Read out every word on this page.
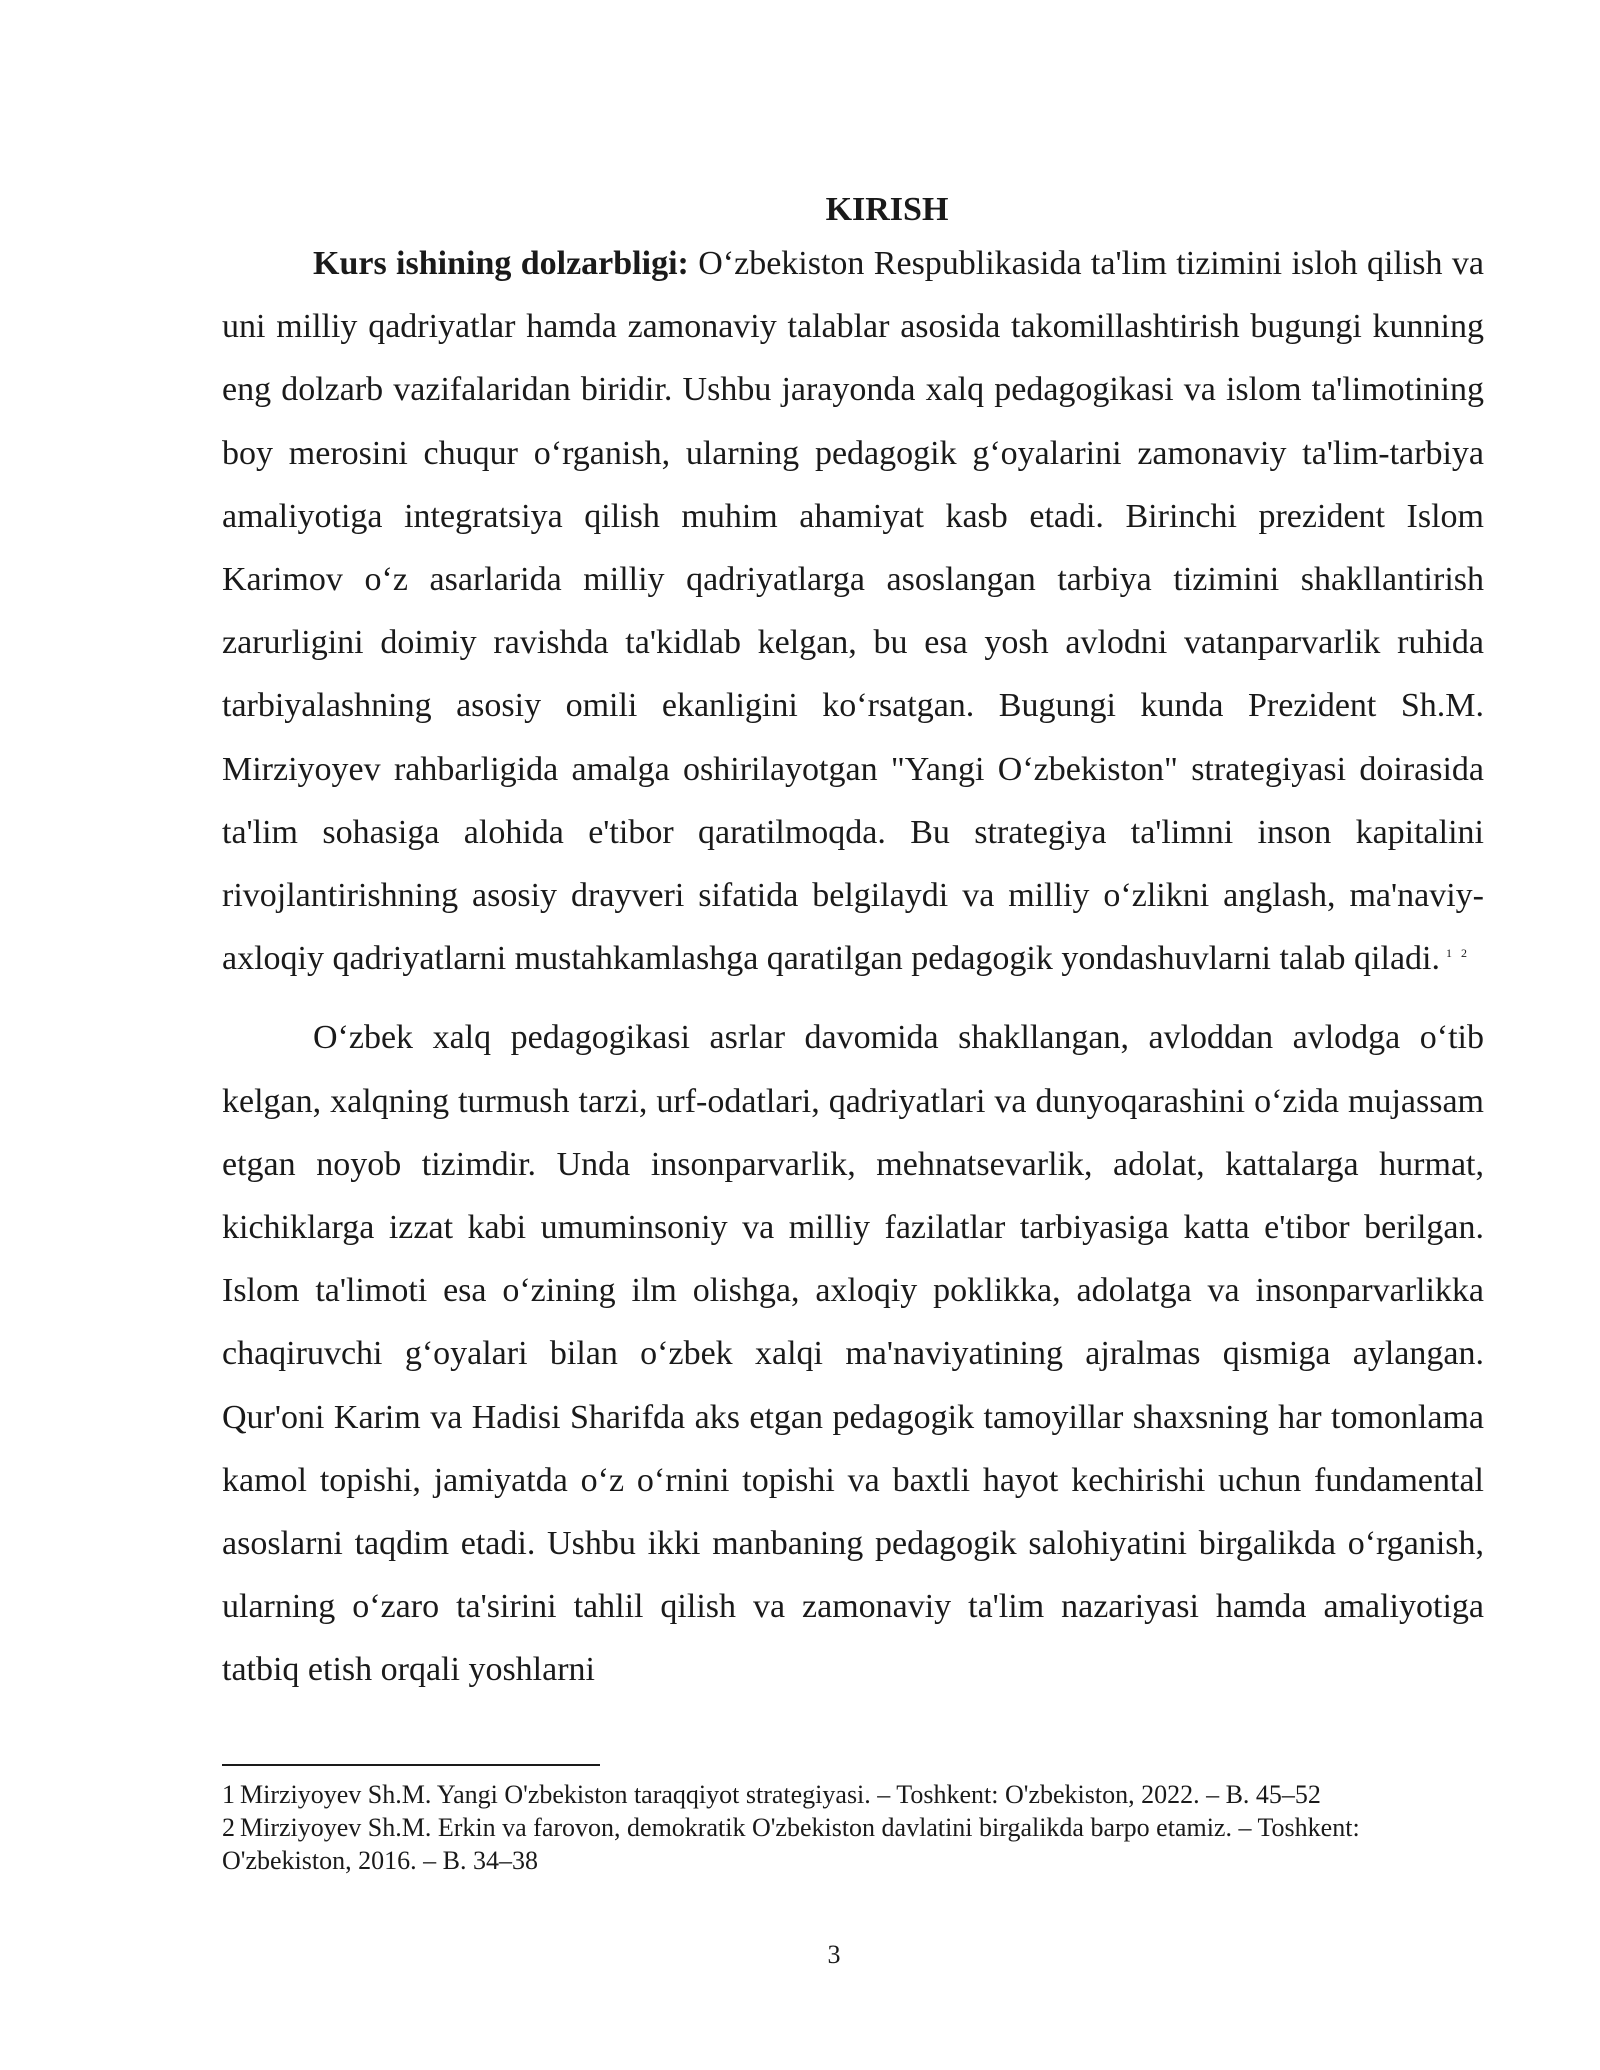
KIRISH

Kurs ishining dolzarbligi: O‘zbekiston Respublikasida ta'lim tizimini isloh qilish va uni milliy qadriyatlar hamda zamonaviy talablar asosida takomillashtirish bugungi kunning eng dolzarb vazifalaridan biridir. Ushbu jarayonda xalq pedagogikasi va islom ta'limotining boy merosini chuqur o‘rganish, ularning pedagogik g‘oyalarini zamonaviy ta'lim-tarbiya amaliyotiga integratsiya qilish muhim ahamiyat kasb etadi. Birinchi prezident Islom Karimov o‘z asarlarida milliy qadriyatlarga asoslangan tarbiya tizimini shakllantirish zarurligini doimiy ravishda ta'kidlab kelgan, bu esa yosh avlodni vatanparvarlik ruhida tarbiyalashning asosiy omili ekanligini ko‘rsatgan. Bugungi kunda Prezident Sh.M. Mirziyoyev rahbarligida amalga oshirilayotgan "Yangi O‘zbekiston" strategiyasi doirasida ta'lim sohasiga alohida e'tibor qaratilmoqda. Bu strategiya ta'limni inson kapitalini rivojlantirishning asosiy drayveri sifatida belgilaydi va milliy o‘zlikni anglash, ma'naviy-axloqiy qadriyatlarni mustahkamlashga qaratilgan pedagogik yondashuvlarni talab qiladi. $^{1 2}$

O‘zbek xalq pedagogikasi asrlar davomida shakllangan, avloddan avlodga o‘tib kelgan, xalqning turmush tarzi, urf-odatlari, qadriyatlari va dunyoqarashini o‘zida mujassam etgan noyob tizimdir. Unda insonparvarlik, mehnatsevarlik, adolat, kattalarga hurmat, kichiklarga izzat kabi umuminsoniy va milliy fazilatlar tarbiyasiga katta e'tibor berilgan. Islom ta'limoti esa o‘zining ilm olishga, axloqiy poklikka, adolatga va insonparvarlikka chaqiruvchi g‘oyalari bilan o‘zbek xalqi ma'naviyatining ajralmas qismiga aylangan. Qur'oni Karim va Hadisi Sharifda aks etgan pedagogik tamoyillar shaxsning har tomonlama kamol topishi, jamiyatda o‘z o‘rnini topishi va baxtli hayot kechirishi uchun fundamental asoslarni taqdim etadi. Ushbu ikki manbaning pedagogik salohiyatini birgalikda o‘rganish, ularning o‘zaro ta'sirini tahlil qilish va zamonaviy ta'lim nazariyasi hamda amaliyotiga tatbiq etish orqali yoshlarni

1 Mirziyoyev Sh.M. Yangi O'zbekiston taraqqiyot strategiyasi. – Toshkent: O'zbekiston, 2022. – B. 45–52

2 Mirziyoyev Sh.M. Erkin va farovon, demokratik O'zbekiston davlatini birgalikda barpo etamiz. – Toshkent: O'zbekiston, 2016. – B. 34–38

3
